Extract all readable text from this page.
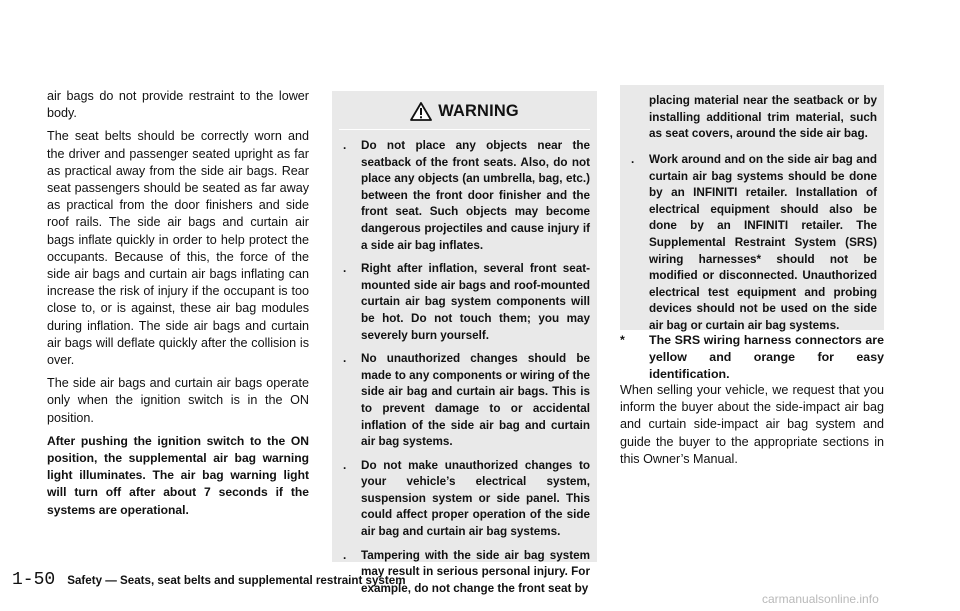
air bags do not provide restraint to the lower body.

The seat belts should be correctly worn and the driver and passenger seated upright as far as practical away from the side air bags. Rear seat passengers should be seated as far away as practical from the door finishers and side roof rails. The side air bags and curtain air bags inflate quickly in order to help protect the occupants. Because of this, the force of the side air bags and curtain air bags inflating can increase the risk of injury if the occupant is too close to, or is against, these air bag modules during inflation. The side air bags and curtain air bags will deflate quickly after the collision is over.

The side air bags and curtain air bags operate only when the ignition switch is in the ON position.

After pushing the ignition switch to the ON position, the supplemental air bag warning light illuminates. The air bag warning light will turn off after about 7 seconds if the systems are operational.

WARNING
. Do not place any objects near the seatback of the front seats. Also, do not place any objects (an umbrella, bag, etc.) between the front door finisher and the front seat. Such objects may become dangerous projectiles and cause injury if a side air bag inflates.
. Right after inflation, several front seat-mounted side air bags and roof-mounted curtain air bag system components will be hot. Do not touch them; you may severely burn yourself.
. No unauthorized changes should be made to any components or wiring of the side air bag and curtain air bags. This is to prevent damage to or accidental inflation of the side air bag and curtain air bag systems.
. Do not make unauthorized changes to your vehicle’s electrical system, suspension system or side panel. This could affect proper operation of the side air bag and curtain air bag systems.
. Tampering with the side air bag system may result in serious personal injury. For example, do not change the front seat by
placing material near the seatback or by installing additional trim material, such as seat covers, around the side air bag.
. Work around and on the side air bag and curtain air bag systems should be done by an INFINITI retailer. Installation of electrical equipment should also be done by an INFINITI retailer. The Supplemental Restraint System (SRS) wiring harnesses* should not be modified or disconnected. Unauthorized electrical test equipment and probing devices should not be used on the side air bag or curtain air bag systems.
* The SRS wiring harness connectors are yellow and orange for easy identification.
When selling your vehicle, we request that you inform the buyer about the side-impact air bag and curtain side-impact air bag system and guide the buyer to the appropriate sections in this Owner’s Manual.
1-50 Safety — Seats, seat belts and supplemental restraint system
carmanualsonline.info
